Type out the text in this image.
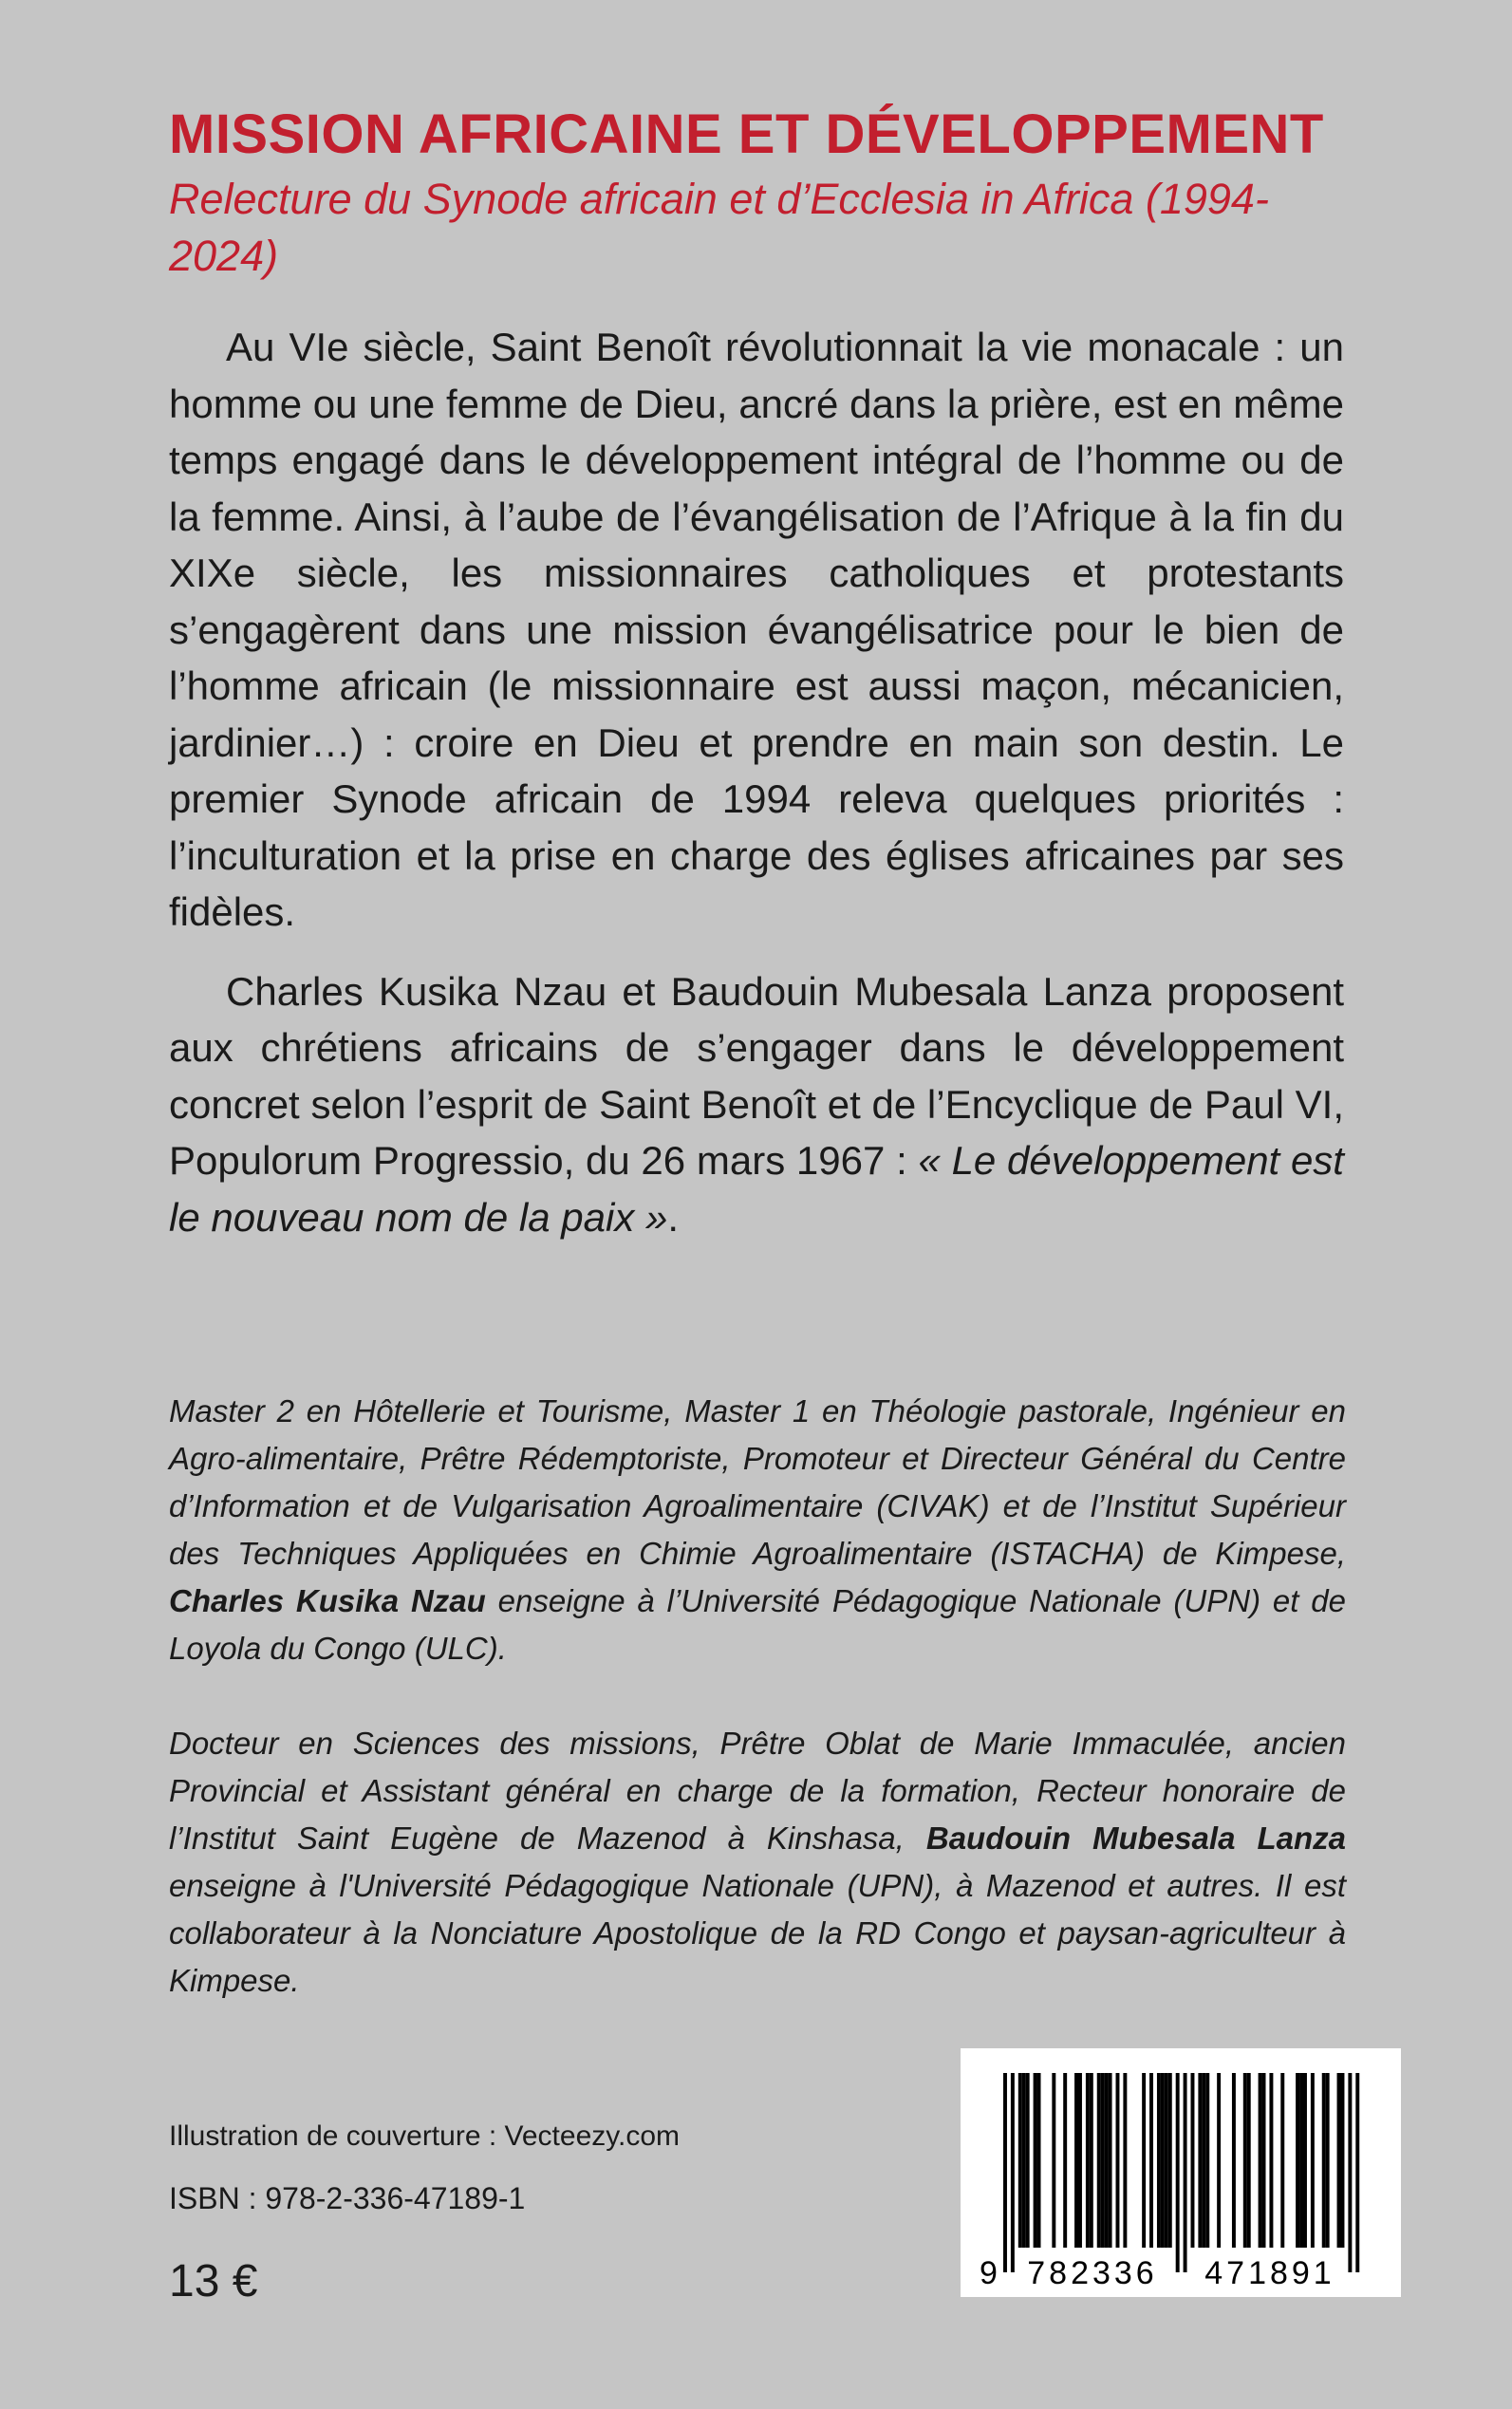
MISSION AFRICAINE ET DÉVELOPPEMENT
Relecture du Synode africain et d’Ecclesia in Africa (1994-2024)

Au VIe siècle, Saint Benoît révolutionnait la vie monacale : un homme ou une femme de Dieu, ancré dans la prière, est en même temps engagé dans le développement intégral de l’homme ou de la femme. Ainsi, à l’aube de l’évangélisation de l’Afrique à la fin du XIXe siècle, les missionnaires catholiques et protestants s’engagèrent dans une mission évangélisatrice pour le bien de l’homme africain (le missionnaire est aussi maçon, mécanicien, jardinier…) : croire en Dieu et prendre en main son destin. Le premier Synode africain de 1994 releva quelques priorités : l’inculturation et la prise en charge des églises africaines par ses fidèles.

Charles Kusika Nzau et Baudouin Mubesala Lanza proposent aux chrétiens africains de s’engager dans le développement concret selon l’esprit de Saint Benoît et de l’Encyclique de Paul VI, Populorum Progressio, du 26 mars 1967 : « Le développement est le nouveau nom de la paix ».

Master 2 en Hôtellerie et Tourisme, Master 1 en Théologie pastorale, Ingénieur en Agro-alimentaire, Prêtre Rédemptoriste, Promoteur et Directeur Général du Centre d’Information et de Vulgarisation Agroalimentaire (CIVAK) et de l’Institut Supérieur des Techniques Appliquées en Chimie Agroalimentaire (ISTACHA) de Kimpese, Charles Kusika Nzau enseigne à l’Université Pédagogique Nationale (UPN) et de Loyola du Congo (ULC).
Docteur en Sciences des missions, Prêtre Oblat de Marie Immaculée, ancien Provincial et Assistant général en charge de la formation, Recteur honoraire de l’Institut Saint Eugène de Mazenod à Kinshasa, Baudouin Mubesala Lanza enseigne à l'Université Pédagogique Nationale (UPN), à Mazenod et autres. Il est collaborateur à la Nonciature Apostolique de la RD Congo et paysan-agriculteur à Kimpese.
Illustration de couverture : Vecteezy.com
ISBN : 978-2-336-47189-1
13 €	9 782336 471891
